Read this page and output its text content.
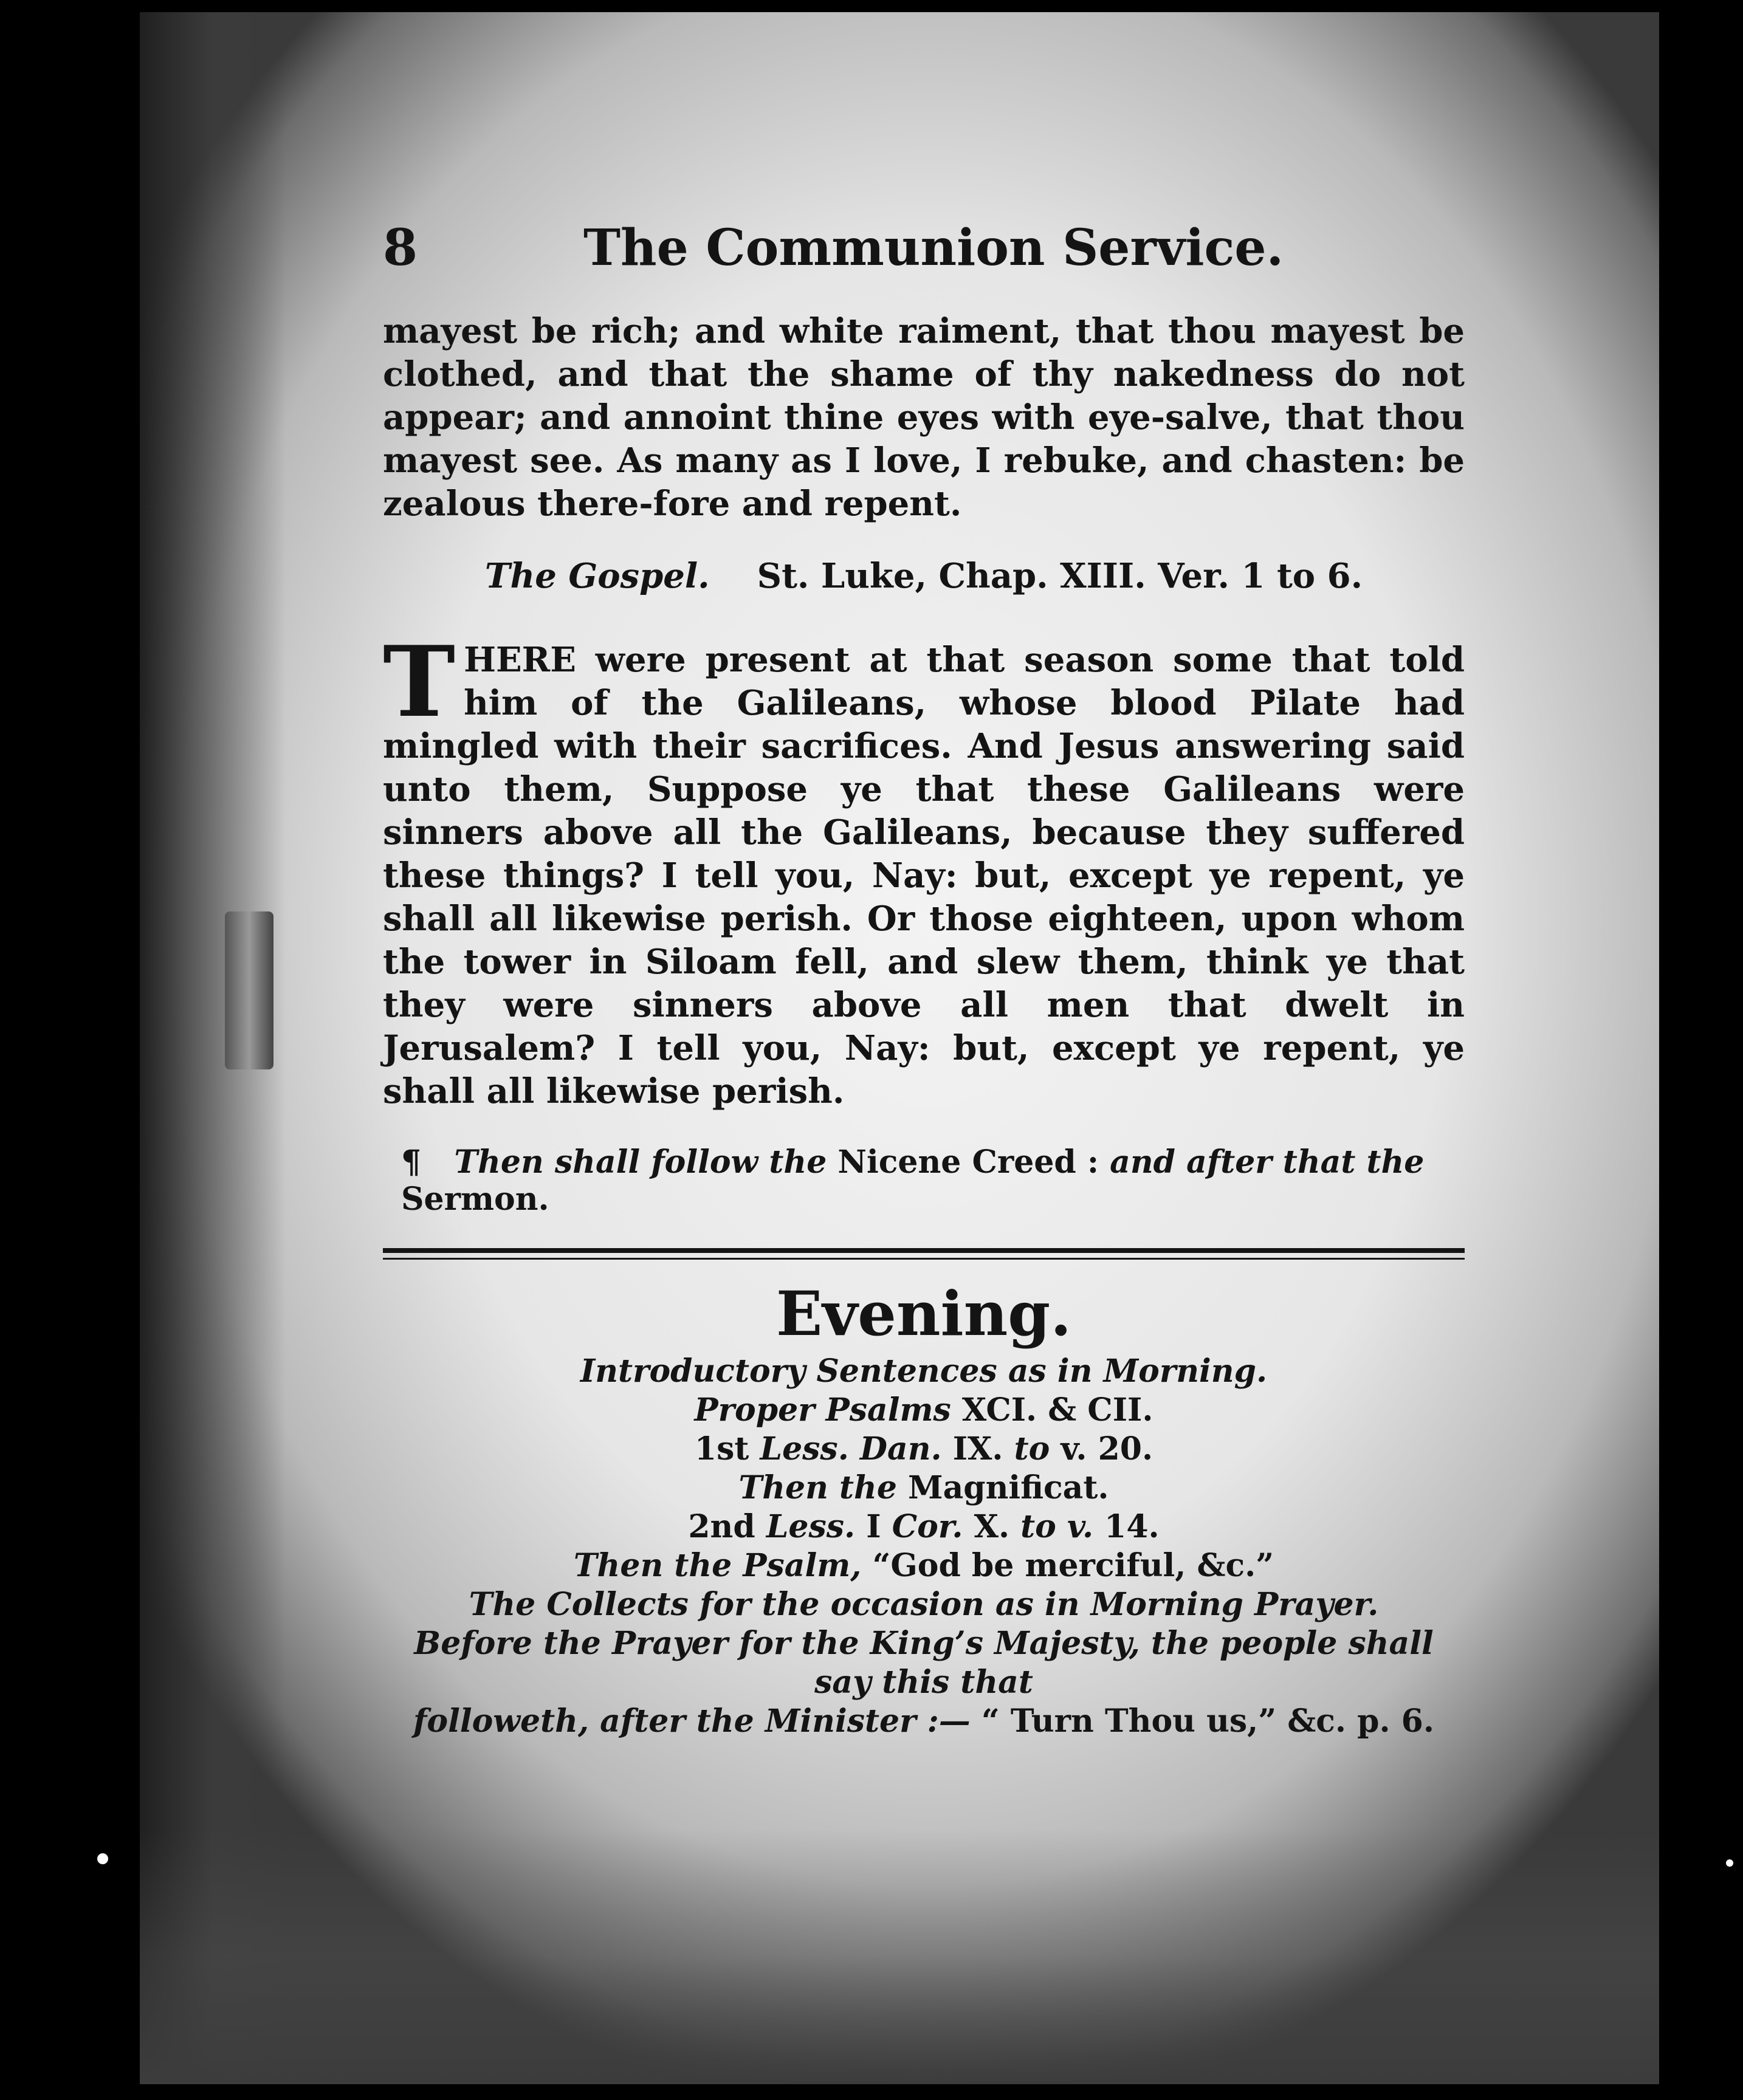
8	The Communion Service.
mayest be rich; and white raiment, that thou mayest be clothed, and that the shame of thy nakedness do not appear; and annoint thine eyes with eye-salve, that thou mayest see. As many as I love, I rebuke, and chasten: be zealous there-fore and repent.
The Gospel. St. Luke, Chap. XIII. Ver. 1 to 6.
T HERE were present at that season some that told him of the Galileans, whose blood Pilate had mingled with their sacrifices. And Jesus answering said unto them, Suppose ye that these Galileans were sinners above all the Galileans, because they suffered these things? I tell you, Nay: but, except ye repent, ye shall all likewise perish. Or those eighteen, upon whom the tower in Siloam fell, and slew them, think ye that they were sinners above all men that dwelt in Jerusalem? I tell you, Nay: but, except ye repent, ye shall all likewise perish.
¶ Then shall follow the Nicene Creed : and after that the Sermon.
Evening.
Introductory Sentences as in Morning.
Proper Psalms XCI. & CII.
1st Less. Dan. IX. to v. 20.
Then the Magnificat.
2nd Less. I Cor. X. to v. 14.
Then the Psalm, “God be merciful, &c.”
The Collects for the occasion as in Morning Prayer.
Before the Prayer for the King’s Majesty, the people shall say this that
followeth, after the Minister :— “ Turn Thou us,” &c. p. 6.
